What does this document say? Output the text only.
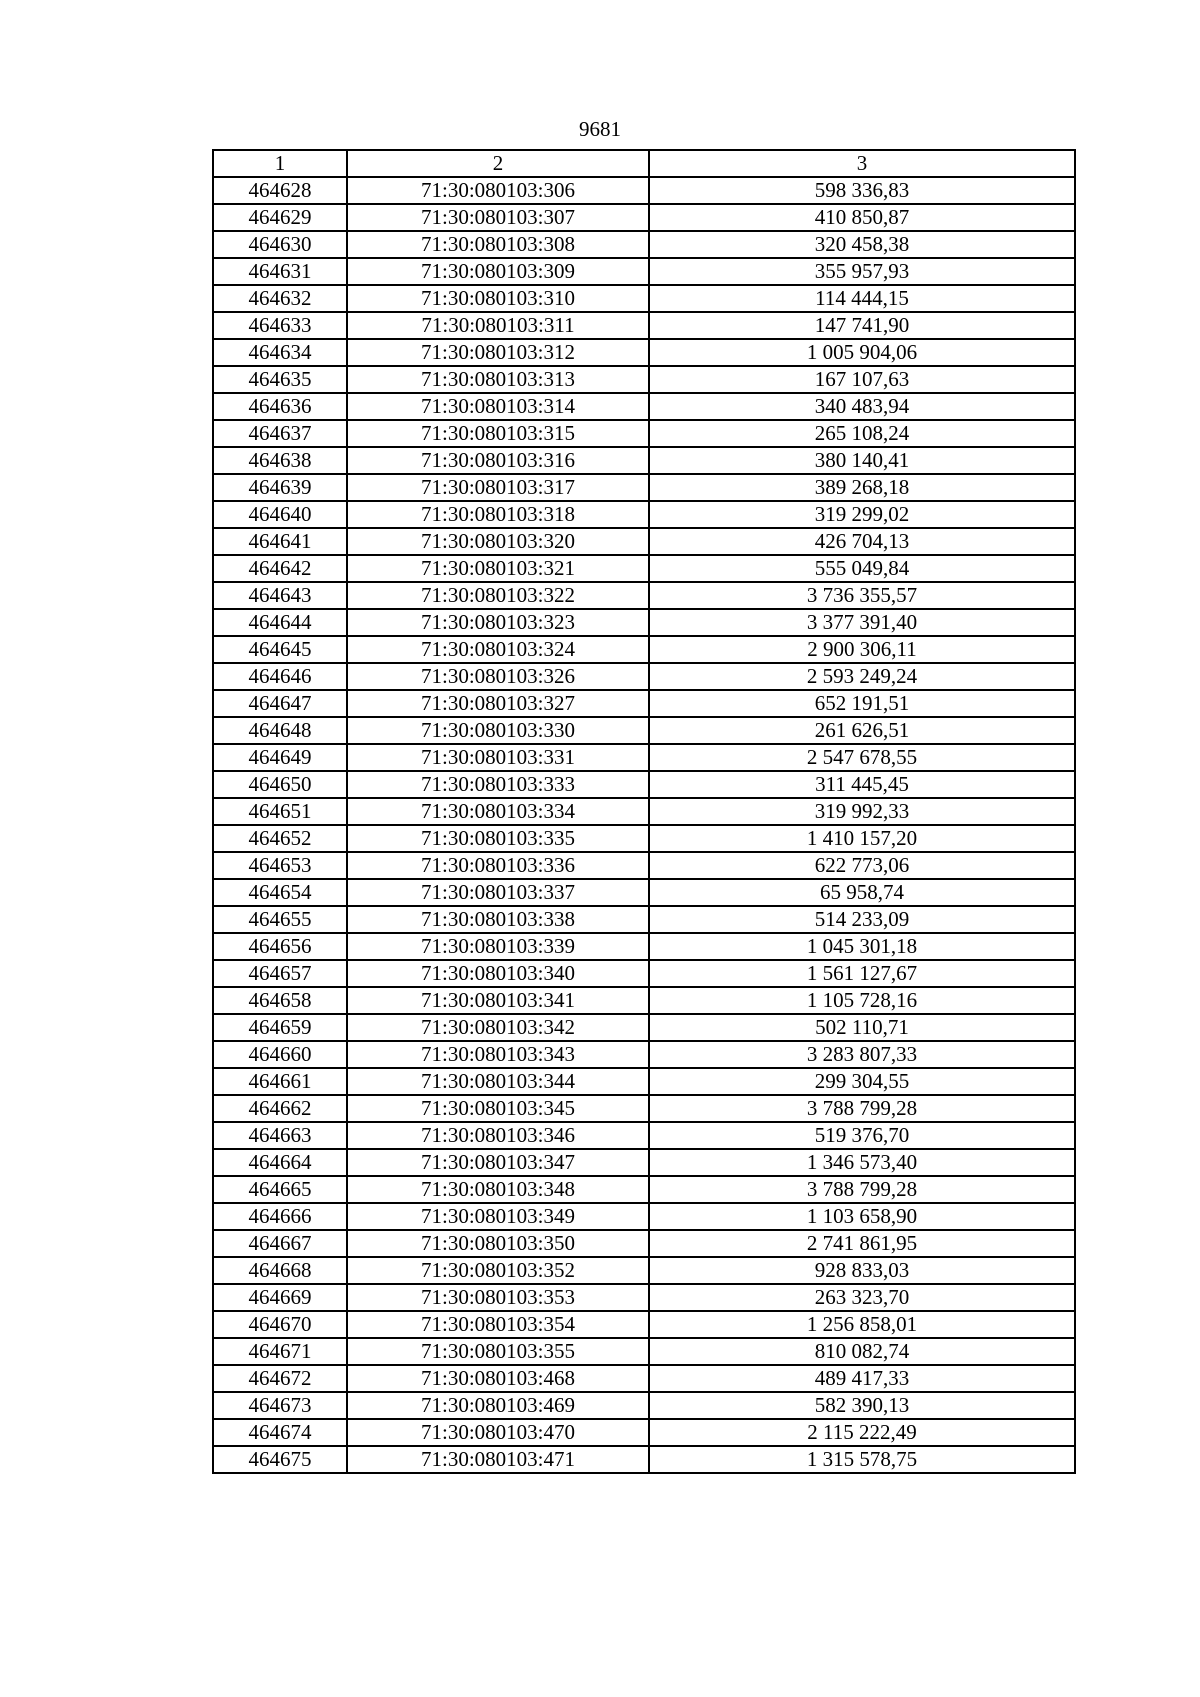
9681
1	2	3
464628	71:30:080103:306	598 336,83
464629	71:30:080103:307	410 850,87
464630	71:30:080103:308	320 458,38
464631	71:30:080103:309	355 957,93
464632	71:30:080103:310	114 444,15
464633	71:30:080103:311	147 741,90
464634	71:30:080103:312	1 005 904,06
464635	71:30:080103:313	167 107,63
464636	71:30:080103:314	340 483,94
464637	71:30:080103:315	265 108,24
464638	71:30:080103:316	380 140,41
464639	71:30:080103:317	389 268,18
464640	71:30:080103:318	319 299,02
464641	71:30:080103:320	426 704,13
464642	71:30:080103:321	555 049,84
464643	71:30:080103:322	3 736 355,57
464644	71:30:080103:323	3 377 391,40
464645	71:30:080103:324	2 900 306,11
464646	71:30:080103:326	2 593 249,24
464647	71:30:080103:327	652 191,51
464648	71:30:080103:330	261 626,51
464649	71:30:080103:331	2 547 678,55
464650	71:30:080103:333	311 445,45
464651	71:30:080103:334	319 992,33
464652	71:30:080103:335	1 410 157,20
464653	71:30:080103:336	622 773,06
464654	71:30:080103:337	65 958,74
464655	71:30:080103:338	514 233,09
464656	71:30:080103:339	1 045 301,18
464657	71:30:080103:340	1 561 127,67
464658	71:30:080103:341	1 105 728,16
464659	71:30:080103:342	502 110,71
464660	71:30:080103:343	3 283 807,33
464661	71:30:080103:344	299 304,55
464662	71:30:080103:345	3 788 799,28
464663	71:30:080103:346	519 376,70
464664	71:30:080103:347	1 346 573,40
464665	71:30:080103:348	3 788 799,28
464666	71:30:080103:349	1 103 658,90
464667	71:30:080103:350	2 741 861,95
464668	71:30:080103:352	928 833,03
464669	71:30:080103:353	263 323,70
464670	71:30:080103:354	1 256 858,01
464671	71:30:080103:355	810 082,74
464672	71:30:080103:468	489 417,33
464673	71:30:080103:469	582 390,13
464674	71:30:080103:470	2 115 222,49
464675	71:30:080103:471	1 315 578,75
